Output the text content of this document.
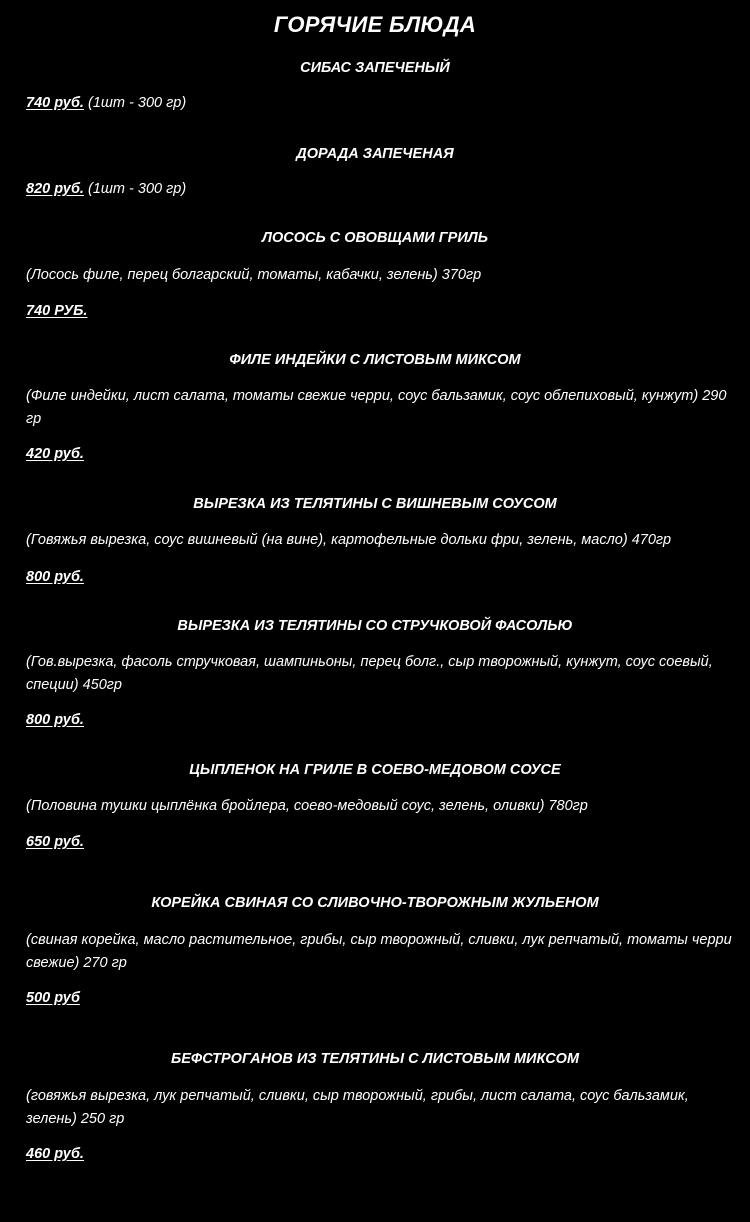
ГОРЯЧИЕ БЛЮДА
СИБАС ЗАПЕЧЕНЫЙ
740 руб. (1шт - 300 гр)
ДОРАДА ЗАПЕЧЕНАЯ
820 руб. (1шт - 300 гр)
ЛОСОСЬ С ОВОВЩАМИ ГРИЛЬ
(Лосось филе, перец болгарский, томаты, кабачки, зелень) 370гр
740 РУБ.
ФИЛЕ ИНДЕЙКИ С ЛИСТОВЫМ МИКСОМ
(Филе индейки, лист салата, томаты свежие черри, соус бальзамик, соус облепиховый, кунжут) 290 гр
420 руб.
ВЫРЕЗКА ИЗ ТЕЛЯТИНЫ С ВИШНЕВЫМ СОУСОМ
(Говяжья вырезка, соус вишневый (на вине), картофельные дольки фри, зелень, масло) 470гр
800 руб.
ВЫРЕЗКА ИЗ ТЕЛЯТИНЫ СО СТРУЧКОВОЙ ФАСОЛЬЮ
(Гов.вырезка, фасоль стручковая, шампиньоны, перец болг., сыр творожный, кунжут, соус соевый, специи) 450гр
800 руб.
ЦЫПЛЕНОК НА ГРИЛЕ В СОЕВО-МЕДОВОМ СОУСЕ
(Половина тушки цыплёнка бройлера, соево-медовый соус, зелень, оливки) 780гр
650 руб.
КОРЕЙКА СВИНАЯ СО СЛИВОЧНО-ТВОРОЖНЫМ ЖУЛЬЕНОМ
(свиная корейка, масло растительное, грибы, сыр творожный, сливки, лук репчатый, томаты черри свежие) 270 гр
500 руб
БЕФСТРОГАНОВ ИЗ ТЕЛЯТИНЫ С ЛИСТОВЫМ МИКСОМ
(говяжья вырезка, лук репчатый, сливки, сыр творожный, грибы, лист салата, соус бальзамик, зелень) 250 гр
460 руб.
